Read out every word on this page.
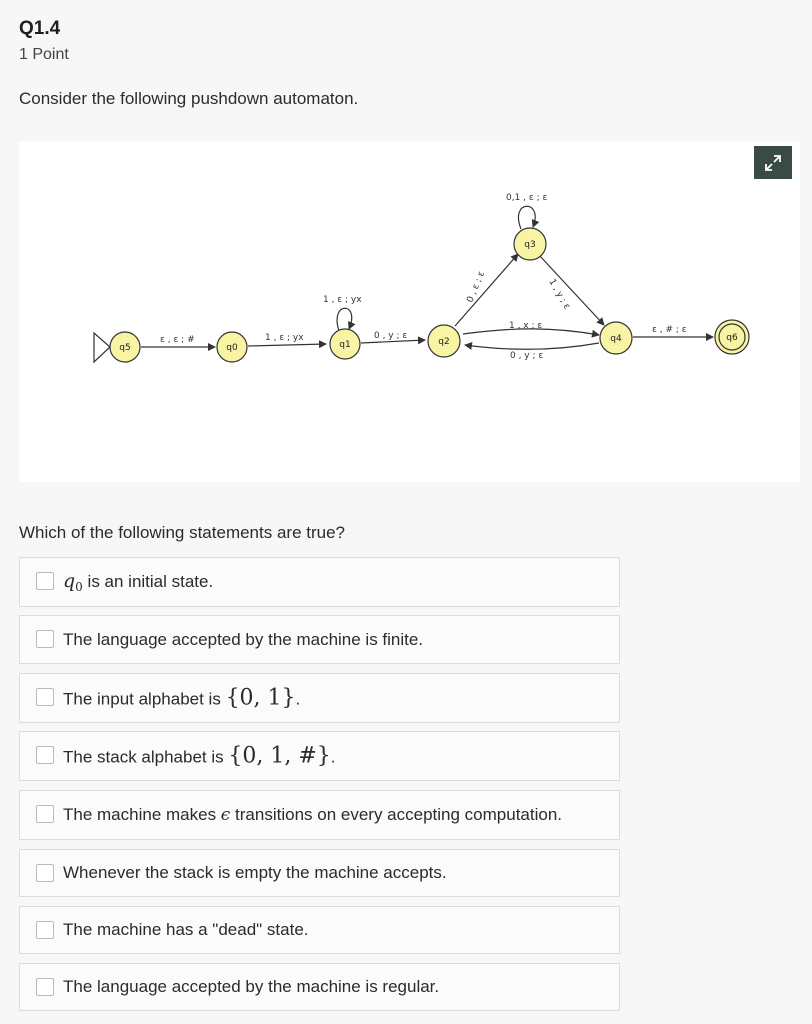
Q1.4
1 Point
Consider the following pushdown automaton.
ε , ε ; #	1 , ε ; yx
1 , ε ; yx
0 , y ; ε
0 , ε ; ε
0,1 , ε ; ε
1 , y ; ε
1 , x ; ε
0 , y ; ε
ε , # ; ε
q5	q0	q1	q2
q3
q4	q6
Which of the following statements are true?
$q_0$ is an initial state.
The language accepted by the machine is finite.
The input alphabet is {0, 1}.
The stack alphabet is {0, 1, #}.
The machine makes ϵ transitions on every accepting computation.
Whenever the stack is empty the machine accepts.
The machine has a "dead" state.
The language accepted by the machine is regular.
